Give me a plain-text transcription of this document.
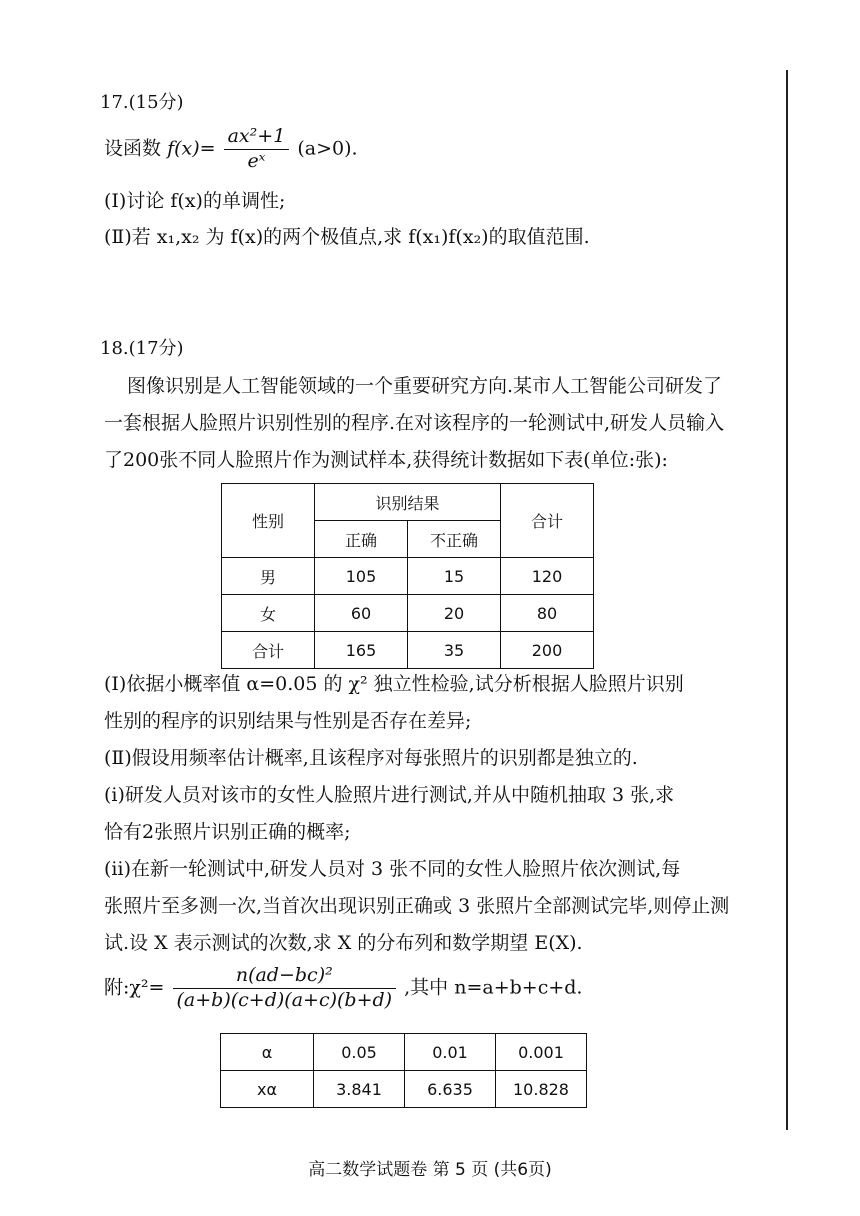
17.(15分)
设函数 $f(x)= \frac{\text{ax²+1}}{\text{eˣ}} (a>0)$.
(Ⅰ)讨论 f(x)的单调性;
(Ⅱ)若 x₁,x₂ 为 f(x)的两个极值点,求 f(x₁)f(x₂)的取值范围.
18.(17分)
图像识别是人工智能领域的一个重要研究方向.某市人工智能公司研发了
一套根据人脸照片识别性别的程序.在对该程序的一轮测试中,研发人员输入
了200张不同人脸照片作为测试样本,获得统计数据如下表(单位:张):
性别	识别结果		合计
	正确	不正确	
男	105	15	120
女	60	20	80
合计	165	35	200
(Ⅰ)依据小概率值 α=0.05 的 χ² 独立性检验,试分析根据人脸照片识别
性别的程序的识别结果与性别是否存在差异;
(Ⅱ)假设用频率估计概率,且该程序对每张照片的识别都是独立的.
(ⅰ)研发人员对该市的女性人脸照片进行测试,并从中随机抽取 3 张,求
恰有2张照片识别正确的概率;
(ⅱ)在新一轮测试中,研发人员对 3 张不同的女性人脸照片依次测试,每
张照片至多测一次,当首次出现识别正确或 3 张照片全部测试完毕,则停止测
试.设 X 表示测试的次数,求 X 的分布列和数学期望 E(X).
附:χ²= $\frac{\text{n(ad−bc)²}}{(a+b)(c+d)(a+c)(b+d)}$ ,其中 n=a+b+c+d.
α	0.05	0.01	0.001
xα	3.841	6.635	10.828
高二数学试题卷 第 5 页 (共6页)
